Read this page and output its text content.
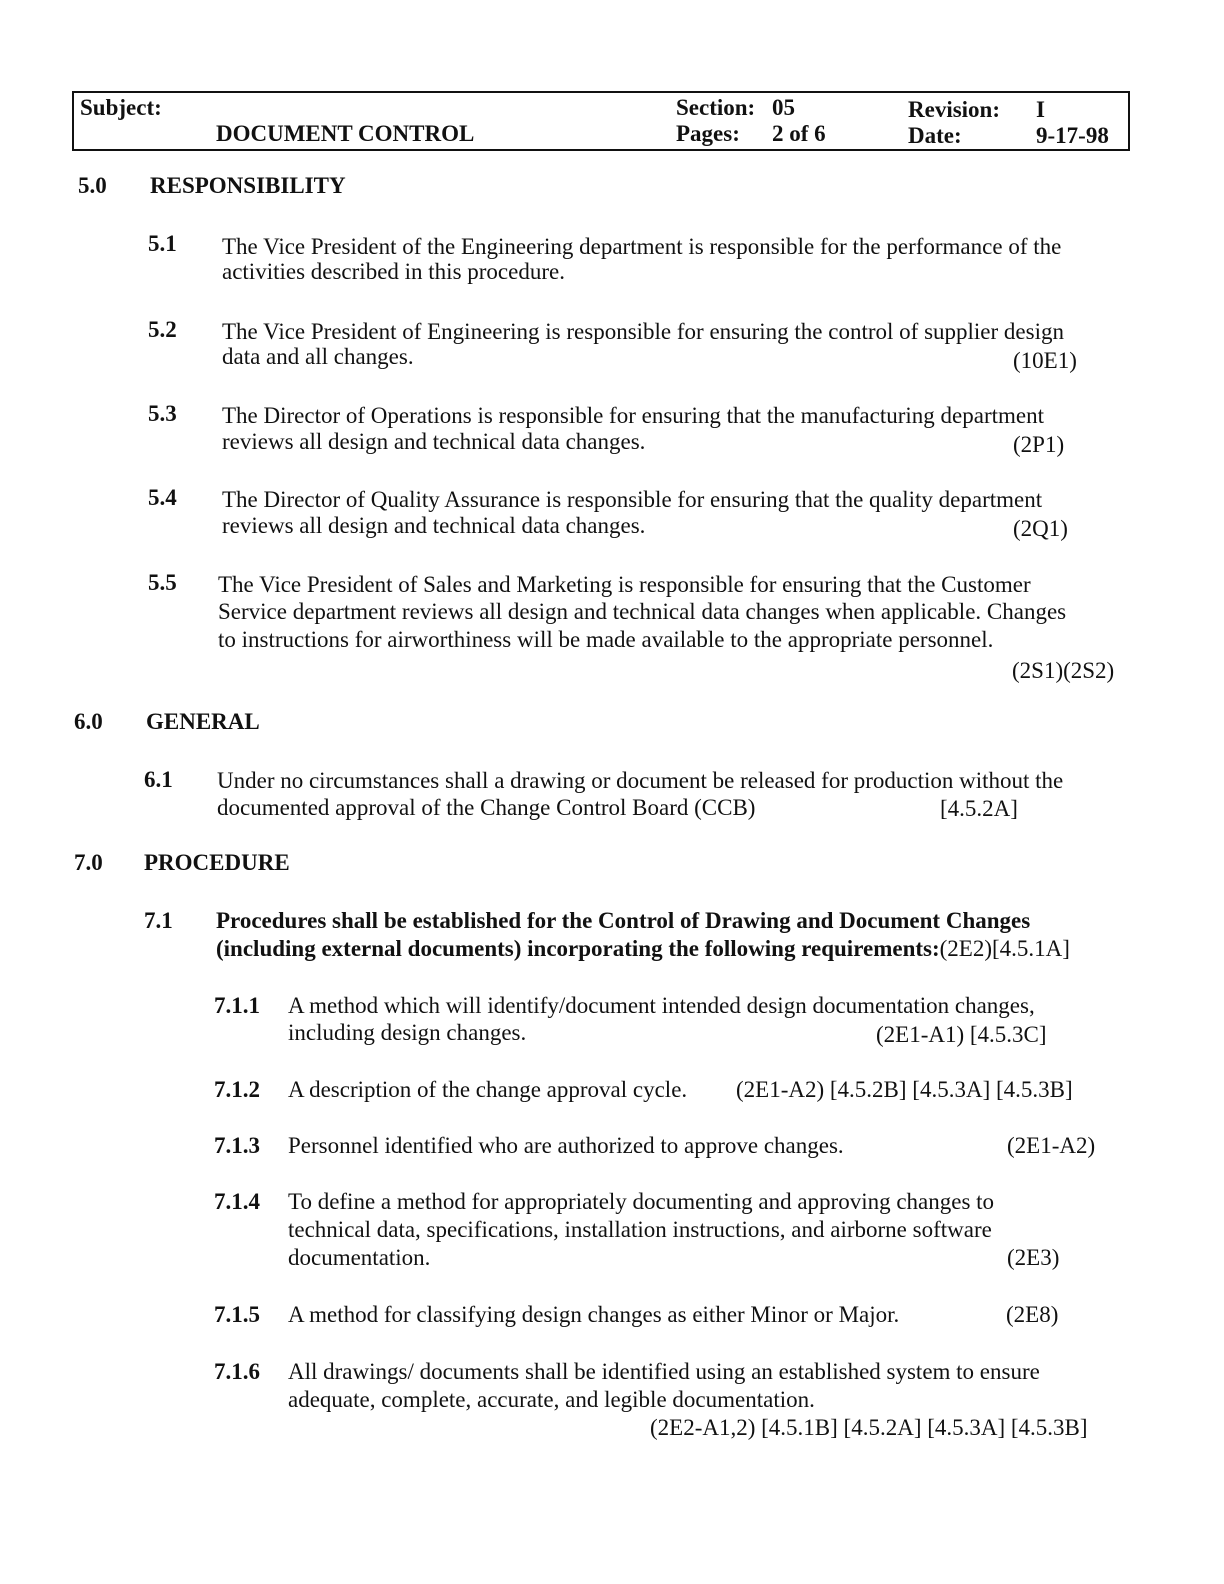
Subject:
DOCUMENT CONTROL
Section: 05
Pages: 2 of 6
Revision: I
Date:	9-17-98
5.0 RESPONSIBILITY
5.1 The Vice President of the Engineering department is responsible for the performance of the
activities described in this procedure.
5.2 The Vice President of Engineering is responsible for ensuring the control of supplier design
data and all changes.	(10E1)
5.3 The Director of Operations is responsible for ensuring that the manufacturing department
reviews all design and technical data changes.	(2P1)
5.4 The Director of Quality Assurance is responsible for ensuring that the quality department
reviews all design and technical data changes.	(2Q1)
5.5 The Vice President of Sales and Marketing is responsible for ensuring that the Customer
Service department reviews all design and technical data changes when applicable. Changes
to instructions for airworthiness will be made available to the appropriate personnel.
(2S1)(2S2)
6.0 GENERAL
6.1 Under no circumstances shall a drawing or document be released for production without the
documented approval of the Change Control Board (CCB)	[4.5.2A]
7.0 PROCEDURE
7.1 Procedures shall be established for the Control of Drawing and Document Changes
(including external documents) incorporating the following requirements:(2E2)[4.5.1A]
7.1.1 A method which will identify/document intended design documentation changes,
including design changes.	(2E1-A1) [4.5.3C]
7.1.2 A description of the change approval cycle. (2E1-A2) [4.5.2B] [4.5.3A] [4.5.3B]
7.1.3 Personnel identified who are authorized to approve changes.	(2E1-A2)
7.1.4 To define a method for appropriately documenting and approving changes to
technical data, specifications, installation instructions, and airborne software
documentation.	(2E3)
7.1.5 A method for classifying design changes as either Minor or Major.	(2E8)
7.1.6 All drawings/ documents shall be identified using an established system to ensure
adequate, complete, accurate, and legible documentation.
(2E2-A1,2) [4.5.1B] [4.5.2A] [4.5.3A] [4.5.3B]
